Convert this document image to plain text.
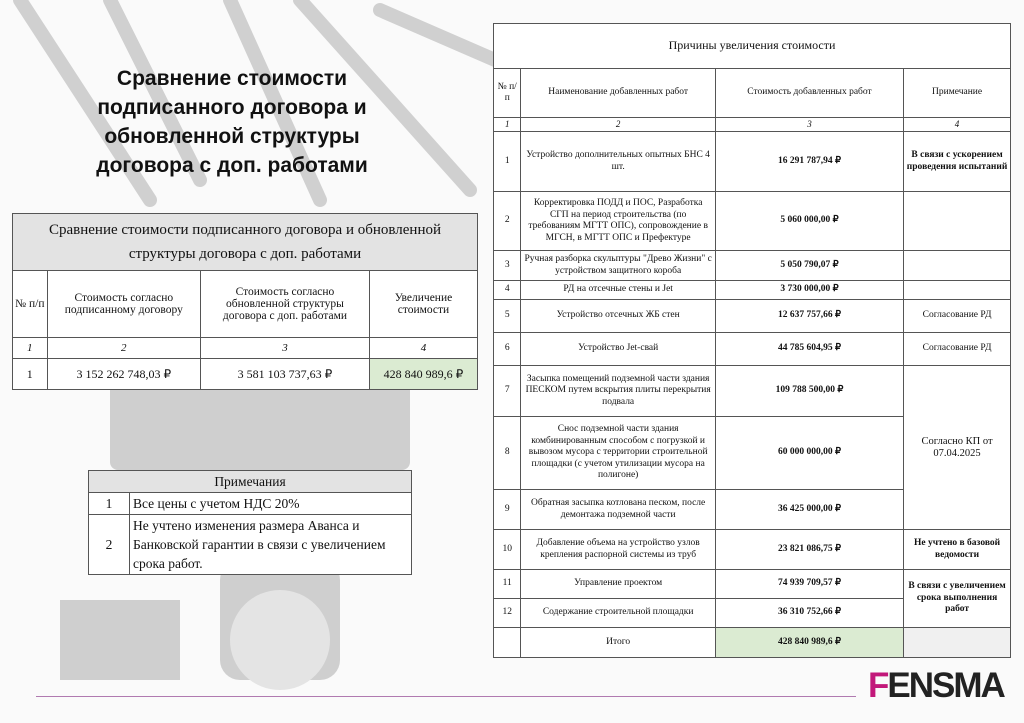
Сравнение стоимости подписанного договора и обновленной структуры договора с доп. работами
Сравнение стоимости подписанного договора и обновленной структуры договора с доп. работами			
№ п/п	Стоимость согласно подписанному договору	Стоимость согласно обновленной структуры договора с доп. работами	Увеличение стоимости
1	2	3	4
1	3 152 262 748,03 ₽	3 581 103 737,63 ₽	428 840 989,6 ₽
Примечания	
1	Все цены с учетом НДС 20%
2	Не учтено изменения размера Аванса и Банковской гарантии в связи с увеличением срока работ.
Причины увеличения стоимости			
№ п/п	Наименование добавленных работ	Стоимость добавленных работ	Примечание
1	2	3	4
1	Устройство дополнительных опытных БНС 4 шт.	16 291 787,94 ₽	В связи с ускорением проведения испытаний
2	Корректировка ПОДД и ПОС, Разработка СГП на период строительства (по требованиям МГТТ ОПС), сопровождение в МГСН, в МГТТ ОПС и Префектуре	5 060 000,00 ₽	
3	Ручная разборка скульптуры "Древо Жизни" с устройством защитного короба	5 050 790,07 ₽	
4	РД на отсечные стены и Jet	3 730 000,00 ₽	
5	Устройство отсечных ЖБ стен	12 637 757,66 ₽	Согласование РД
6	Устройство Jet-свай	44 785 604,95 ₽	Согласование РД
7	Засыпка помещений подземной части здания ПЕСКОМ путем вскрытия плиты перекрытия подвала	109 788 500,00 ₽	Согласно КП от 07.04.2025
8	Снос подземной части здания комбинированным способом с погрузкой и вывозом мусора с территории строительной площадки (с учетом утилизации мусора на полигоне)	60 000 000,00 ₽	
9	Обратная засыпка котлована песком, после демонтажа подземной части	36 425 000,00 ₽	
10	Добавление объема на устройство узлов крепления распорной системы из труб	23 821 086,75 ₽	Не учтено в базовой ведомости
11	Управление проектом	74 939 709,57 ₽	В связи с увеличением срока выполнения работ
12	Содержание строительной площадки	36 310 752,66 ₽	
	Итого	428 840 989,6 ₽	
FENSMA
